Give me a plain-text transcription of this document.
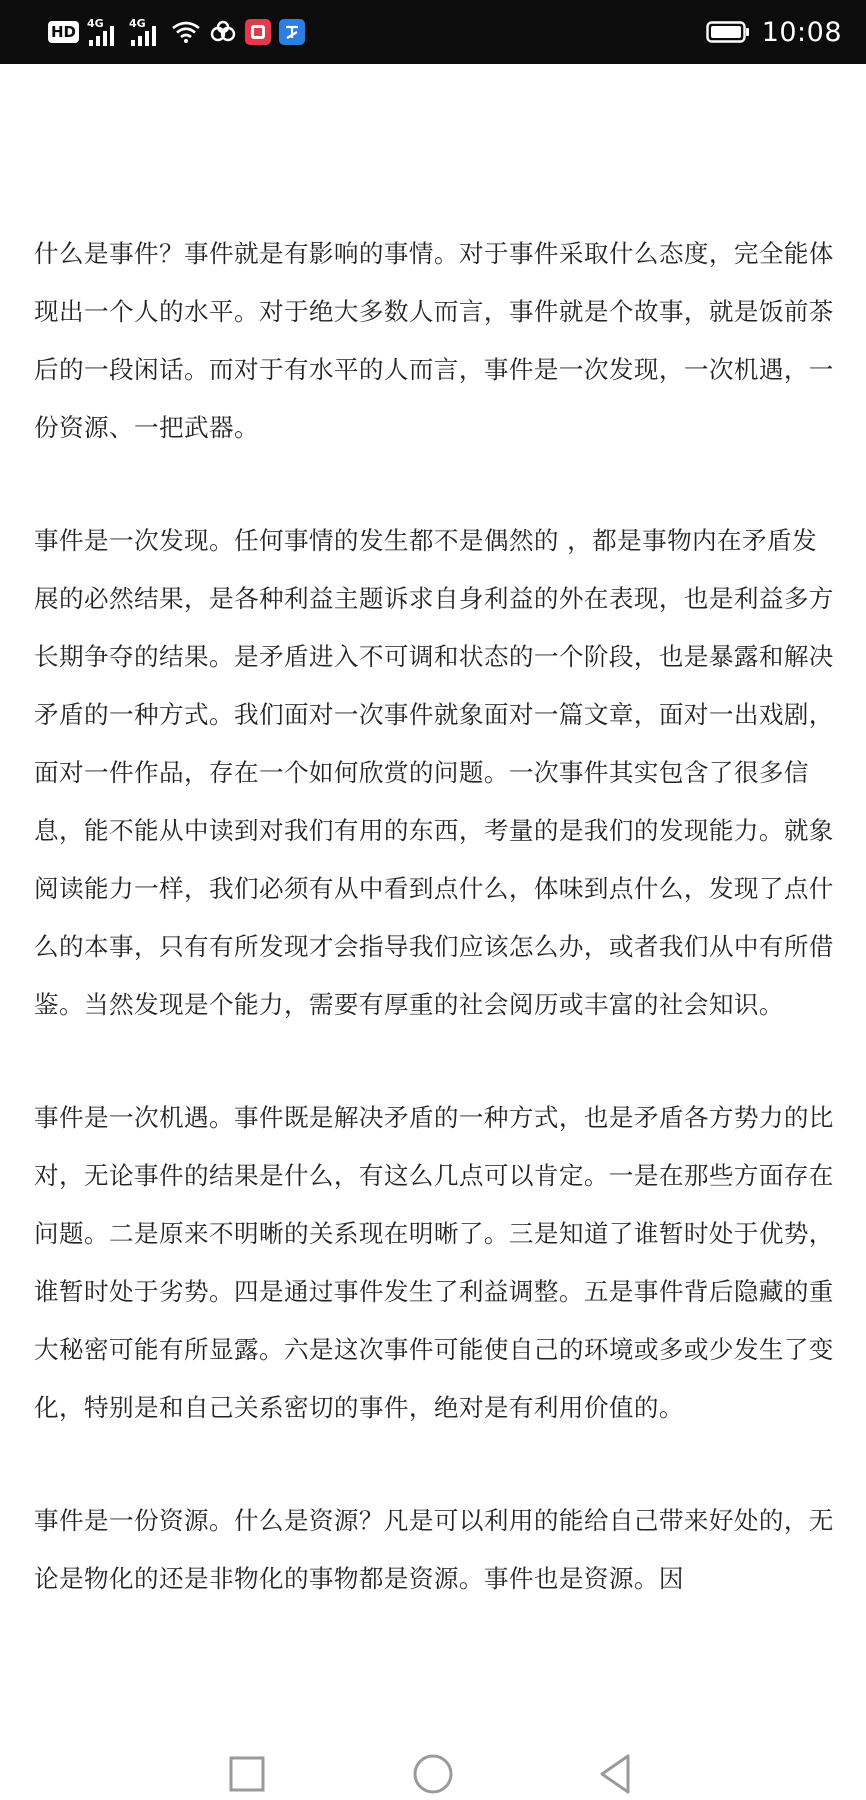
HD 4G 4G	10:08

什么是事件？事件就是有影响的事情。对于事件采取什么态度，完全能体现出一个人的水平。对于绝大多数人而言，事件就是个故事，就是饭前茶后的一段闲话。而对于有水平的人而言，事件是一次发现，一次机遇，一份资源、一把武器。

事件是一次发现。任何事情的发生都不是偶然的 ，都是事物内在矛盾发展的必然结果，是各种利益主题诉求自身利益的外在表现，也是利益多方长期争夺的结果。是矛盾进入不可调和状态的一个阶段，也是暴露和解决矛盾的一种方式。我们面对一次事件就象面对一篇文章，面对一出戏剧，面对一件作品，存在一个如何欣赏的问题。一次事件其实包含了很多信息，能不能从中读到对我们有用的东西，考量的是我们的发现能力。就象阅读能力一样，我们必须有从中看到点什么，体味到点什么，发现了点什么的本事，只有有所发现才会指导我们应该怎么办，或者我们从中有所借鉴。当然发现是个能力，需要有厚重的社会阅历或丰富的社会知识。

事件是一次机遇。事件既是解决矛盾的一种方式，也是矛盾各方势力的比对，无论事件的结果是什么，有这么几点可以肯定。一是在那些方面存在问题。二是原来不明晰的关系现在明晰了。三是知道了谁暂时处于优势，谁暂时处于劣势。四是通过事件发生了利益调整。五是事件背后隐藏的重大秘密可能有所显露。六是这次事件可能使自己的环境或多或少发生了变化，特别是和自己关系密切的事件，绝对是有利用价值的。

事件是一份资源。什么是资源？凡是可以利用的能给自己带来好处的，无论是物化的还是非物化的事物都是资源。事件也是资源。因
